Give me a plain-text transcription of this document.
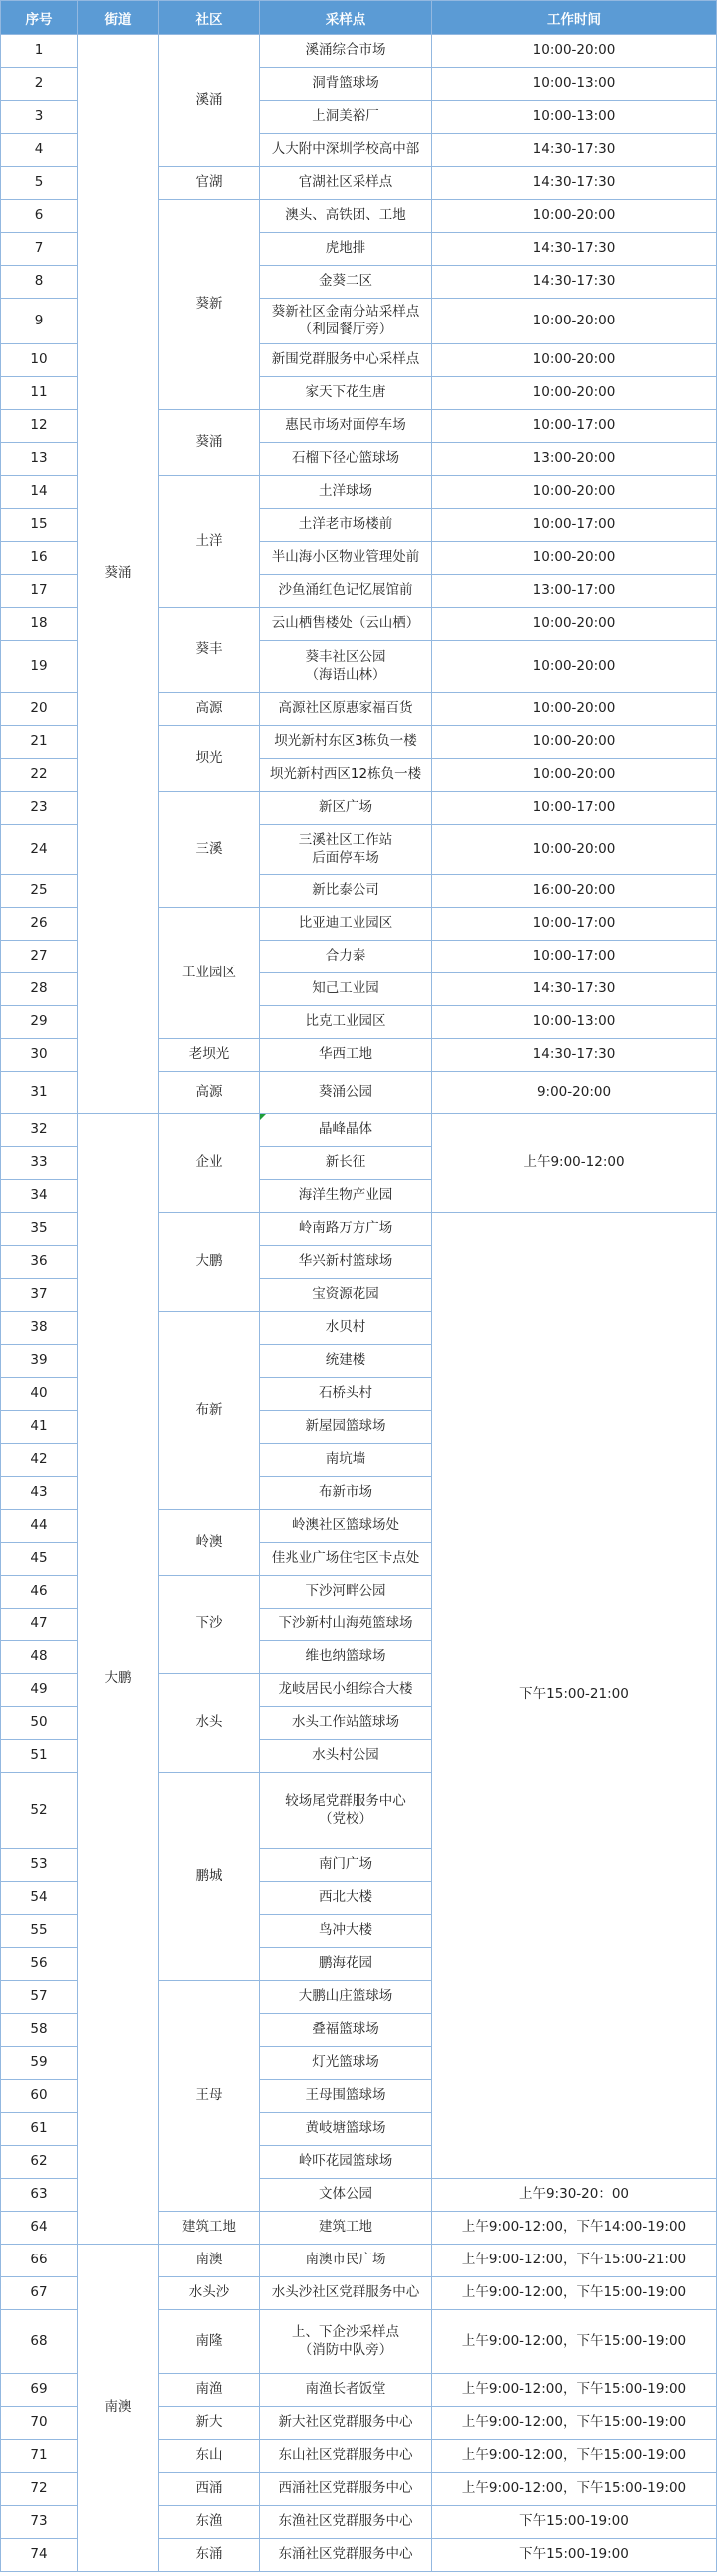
序号	街道	社区	采样点	工作时间
1	葵涌	溪涌	溪涌综合市场	10:00-20:00
2			洞背篮球场	10:00-13:00
3			上洞美裕厂	10:00-13:00
4			人大附中深圳学校高中部	14:30-17:30
5		官湖	官湖社区采样点	14:30-17:30
6		葵新	澳头、高铁团、工地	10:00-20:00
7			虎地排	14:30-17:30
8			金葵二区	14:30-17:30
9			葵新社区金南分站采样点
（利园餐厅旁）	10:00-20:00
10			新围党群服务中心采样点	10:00-20:00
11			家天下花生唐	10:00-20:00
12		葵涌	惠民市场对面停车场	10:00-17:00
13			石榴下径心篮球场	13:00-20:00
14		土洋	土洋球场	10:00-20:00
15			土洋老市场楼前	10:00-17:00
16			半山海小区物业管理处前	10:00-20:00
17			沙鱼涌红色记忆展馆前	13:00-17:00
18		葵丰	云山栖售楼处（云山栖）	10:00-20:00
19			葵丰社区公园
（海语山林）	10:00-20:00
20		高源	高源社区原惠家福百货	10:00-20:00
21		坝光	坝光新村东区3栋负一楼	10:00-20:00
22			坝光新村西区12栋负一楼	10:00-20:00
23		三溪	新区广场	10:00-17:00
24			三溪社区工作站
后面停车场	10:00-20:00
25			新比泰公司	16:00-20:00
26		工业园区	比亚迪工业园区	10:00-17:00
27			合力泰	10:00-17:00
28			知己工业园	14:30-17:30
29			比克工业园区	10:00-13:00
30		老坝光	华西工地	14:30-17:30
31		高源	葵涌公园	9:00-20:00
32	大鹏	企业	晶峰晶体	上午9:00-12:00
33			新长征	
34			海洋生物产业园	
35		大鹏	岭南路万方广场	下午15:00-21:00
36			华兴新村篮球场	
37			宝资源花园	
38		布新	水贝村	
39			统建楼	
40			石桥头村	
41			新屋园篮球场	
42			南坑墙	
43			布新市场	
44		岭澳	岭澳社区篮球场处	
45			佳兆业广场住宅区卡点处	
46		下沙	下沙河畔公园	
47			下沙新村山海苑篮球场	
48			维也纳篮球场	
49		水头	龙岐居民小组综合大楼	
50			水头工作站篮球场	
51			水头村公园	
52		鹏城	较场尾党群服务中心
（党校）	
53			南门广场	
54			西北大楼	
55			鸟冲大楼	
56			鹏海花园	
57		王母	大鹏山庄篮球场	
58			叠福篮球场	
59			灯光篮球场	
60			王母围篮球场	
61			黄岐塘篮球场	
62			岭吓花园篮球场	
63			文体公园	上午9:30-20：00
64		建筑工地	建筑工地	上午9:00-12:00，下午14:00-19:00
66	南澳	南澳	南澳市民广场	上午9:00-12:00，下午15:00-21:00
67		水头沙	水头沙社区党群服务中心	上午9:00-12:00，下午15:00-19:00
68		南隆	上、下企沙采样点
（消防中队旁）	上午9:00-12:00，下午15:00-19:00
69		南渔	南渔长者饭堂	上午9:00-12:00，下午15:00-19:00
70		新大	新大社区党群服务中心	上午9:00-12:00，下午15:00-19:00
71		东山	东山社区党群服务中心	上午9:00-12:00，下午15:00-19:00
72		西涌	西涌社区党群服务中心	上午9:00-12:00，下午15:00-19:00
73		东渔	东渔社区党群服务中心	下午15:00-19:00
74		东涌	东涌社区党群服务中心	下午15:00-19:00
